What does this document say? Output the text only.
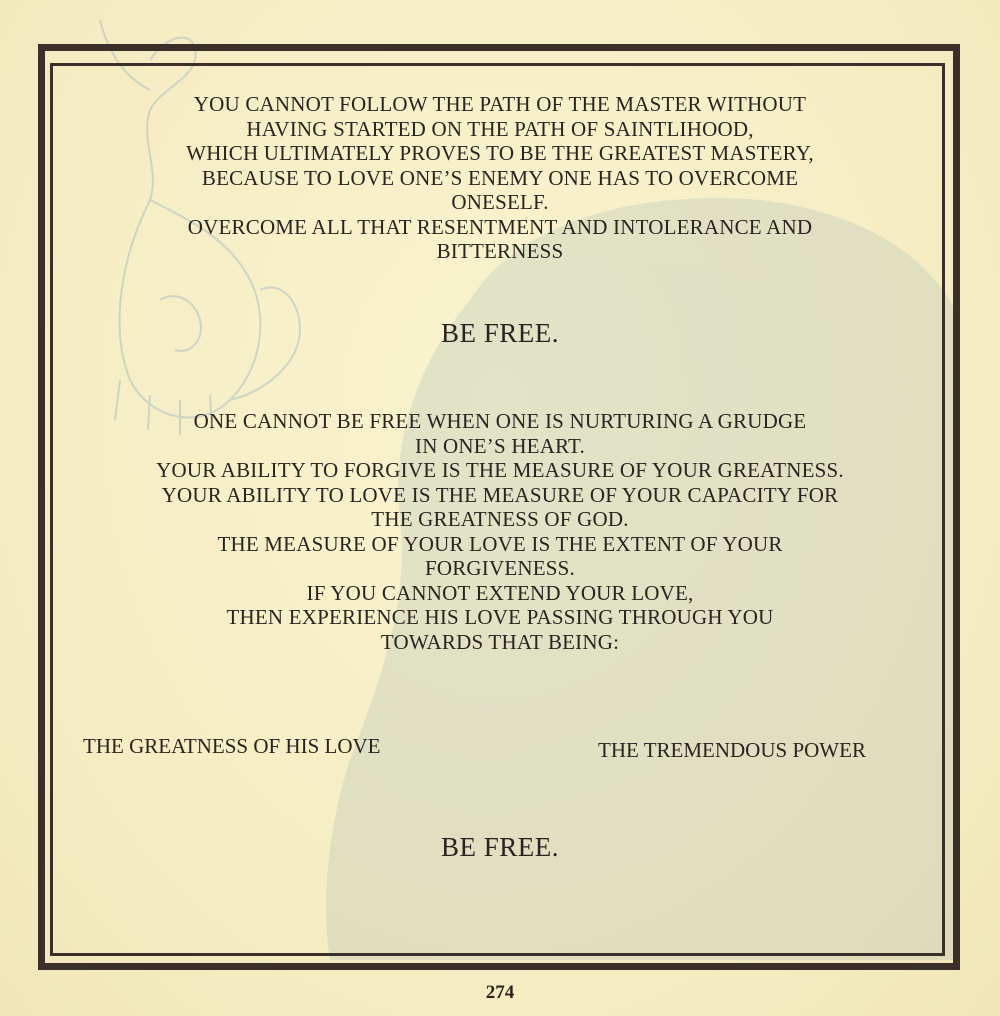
YOU CANNOT FOLLOW THE PATH OF THE MASTER WITHOUT
HAVING STARTED ON THE PATH OF SAINTLIHOOD,
WHICH ULTIMATELY PROVES TO BE THE GREATEST MASTERY,
BECAUSE TO LOVE ONE’S ENEMY ONE HAS TO OVERCOME
ONESELF.
OVERCOME ALL THAT RESENTMENT AND INTOLERANCE AND
BITTERNESS
BE FREE.
ONE CANNOT BE FREE WHEN ONE IS NURTURING A GRUDGE
IN ONE’S HEART.
YOUR ABILITY TO FORGIVE IS THE MEASURE OF YOUR GREATNESS.
YOUR ABILITY TO LOVE IS THE MEASURE OF YOUR CAPACITY FOR
THE GREATNESS OF GOD.
THE MEASURE OF YOUR LOVE IS THE EXTENT OF YOUR
FORGIVENESS.
IF YOU CANNOT EXTEND YOUR LOVE,
THEN EXPERIENCE HIS LOVE PASSING THROUGH YOU
TOWARDS THAT BEING:
THE GREATNESS OF HIS LOVE	THE TREMENDOUS POWER
BE FREE.
274
